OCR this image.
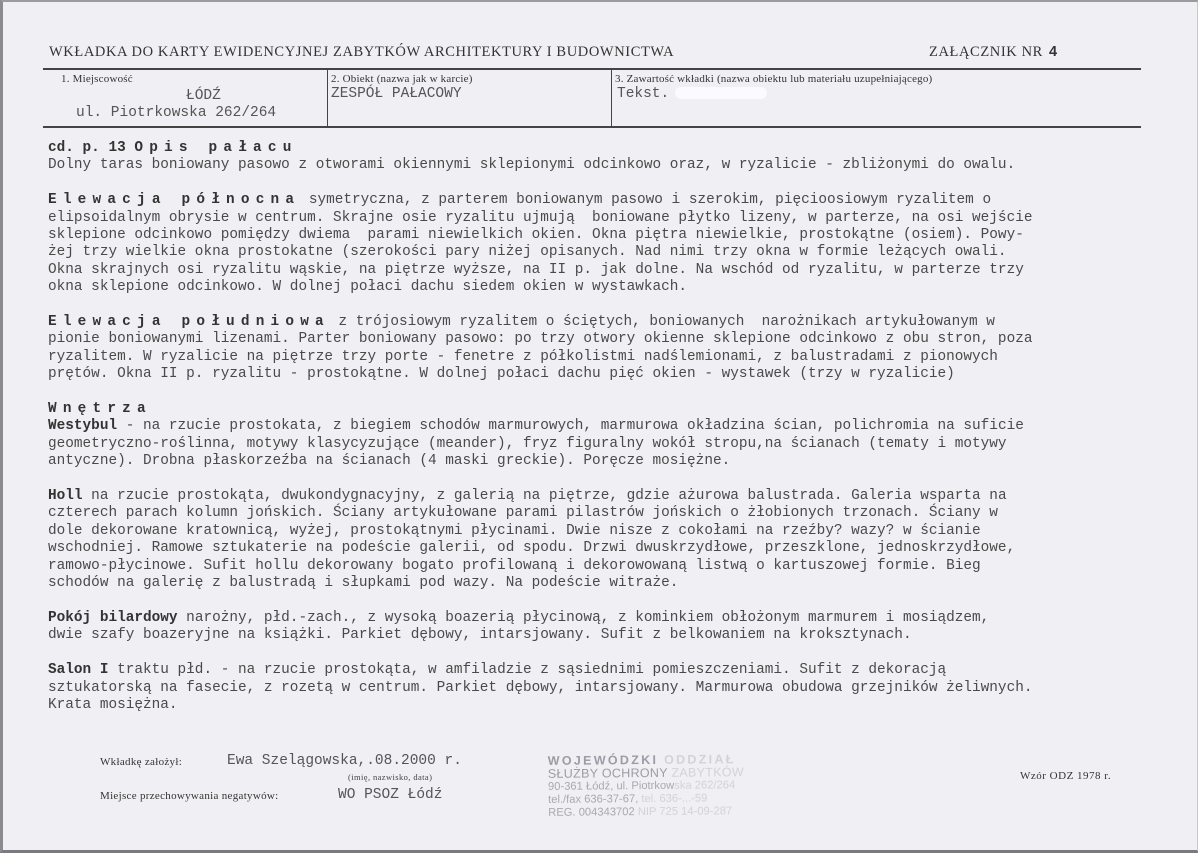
WKŁADKA DO KARTY EWIDENCYJNEJ ZABYTKÓW ARCHITEKTURY I BUDOWNICTWA	ZAŁĄCZNIK NR 4
1. Miejscowość
ŁÓDŹ
ul. Piotrkowska 262/264
2. Obiekt (nazwa jak w karcie)
ZESPÓŁ PAŁACOWY
3. Zawartość wkładki (nazwa obiektu lub materiału uzupełniającego)
Tekst.

cd. p. 13 Opis pałacu
Dolny taras boniowany pasowo z otworami okiennymi sklepionymi odcinkowo oraz, w ryzalicie - zbliżonymi do owalu.

Elewacja północna symetryczna, z parterem boniowanym pasowo i szerokim, pięcioosiowym ryzalitem o
elipsoidalnym obrysie w centrum. Skrajne osie ryzalitu ujmują  boniowane płytko lizeny, w parterze, na osi wejście
sklepione odcinkowo pomiędzy dwiema  parami niewielkich okien. Okna piętra niewielkie, prostokątne (osiem). Powy-
żej trzy wielkie okna prostokatne (szerokości pary niżej opisanych. Nad nimi trzy okna w formie leżących owali.
Okna skrajnych osi ryzalitu wąskie, na piętrze wyższe, na II p. jak dolne. Na wschód od ryzalitu, w parterze trzy
okna sklepione odcinkowo. W dolnej połaci dachu siedem okien w wystawkach.

Elewacja południowa z trójosiowym ryzalitem o ściętych, boniowanych  narożnikach artykułowanym w
pionie boniowanymi lizenami. Parter boniowany pasowo: po trzy otwory okienne sklepione odcinkowo z obu stron, poza
ryzalitem. W ryzalicie na piętrze trzy porte - fenetre z półkolistmi nadślemionami, z balustradami z pionowych
prętów. Okna II p. ryzalitu - prostokątne. W dolnej połaci dachu pięć okien - wystawek (trzy w ryzalicie)

Wnętrza
Westybul - na rzucie prostokata, z biegiem schodów marmurowych, marmurowa okładzina ścian, polichromia na suficie
geometryczno-roślinna, motywy klasycyzujące (meander), fryz figuralny wokół stropu,na ścianach (tematy i motywy
antyczne). Drobna płaskorzeźba na ścianach (4 maski greckie). Poręcze mosiężne.

Holl na rzucie prostokąta, dwukondygnacyjny, z galerią na piętrze, gdzie ażurowa balustrada. Galeria wsparta na
czterech parach kolumn jońskich. Ściany artykułowane parami pilastrów jońskich o żłobionych trzonach. Ściany w
dole dekorowane kratownicą, wyżej, prostokątnymi płycinami. Dwie nisze z cokołami na rzeźby? wazy? w ścianie
wschodniej. Ramowe sztukaterie na podeście galerii, od spodu. Drzwi dwuskrzydłowe, przeszklone, jednoskrzydłowe,
ramowo-płycinowe. Sufit hollu dekorowany bogato profilowaną i dekorowowaną listwą o kartuszowej formie. Bieg
schodów na galerię z balustradą i słupkami pod wazy. Na podeście witraże.

Pokój bilardowy narożny, płd.-zach., z wysoką boazerią płycinową, z kominkiem obłożonym marmurem i mosiądzem,
dwie szafy boazeryjne na książki. Parkiet dębowy, intarsjowany. Sufit z belkowaniem na kroksztynach.

Salon I traktu płd. - na rzucie prostokąta, w amfiladzie z sąsiednimi pomieszczeniami. Sufit z dekoracją
sztukatorską na fasecie, z rozetą w centrum. Parkiet dębowy, intarsjowany. Marmurowa obudowa grzejników żeliwnych.
Krata mosiężna.

Wkładkę założył:	Ewa Szelągowska,.08.2000 r.
(imię, nazwisko, data)
Miejsce przechowywania negatywów:	WO PSOZ Łódź
WOJEWÓDZKI ODDZIAŁ
SŁUŻBY OCHRONY ZABYTKÓW
90-361 Łódź, ul. Piotrkowska 262/264
tel./fax 636-37-67, tel. 636-...-59
REG. 004343702 NIP 725 14-09-287
Wzór ODZ 1978 r.
